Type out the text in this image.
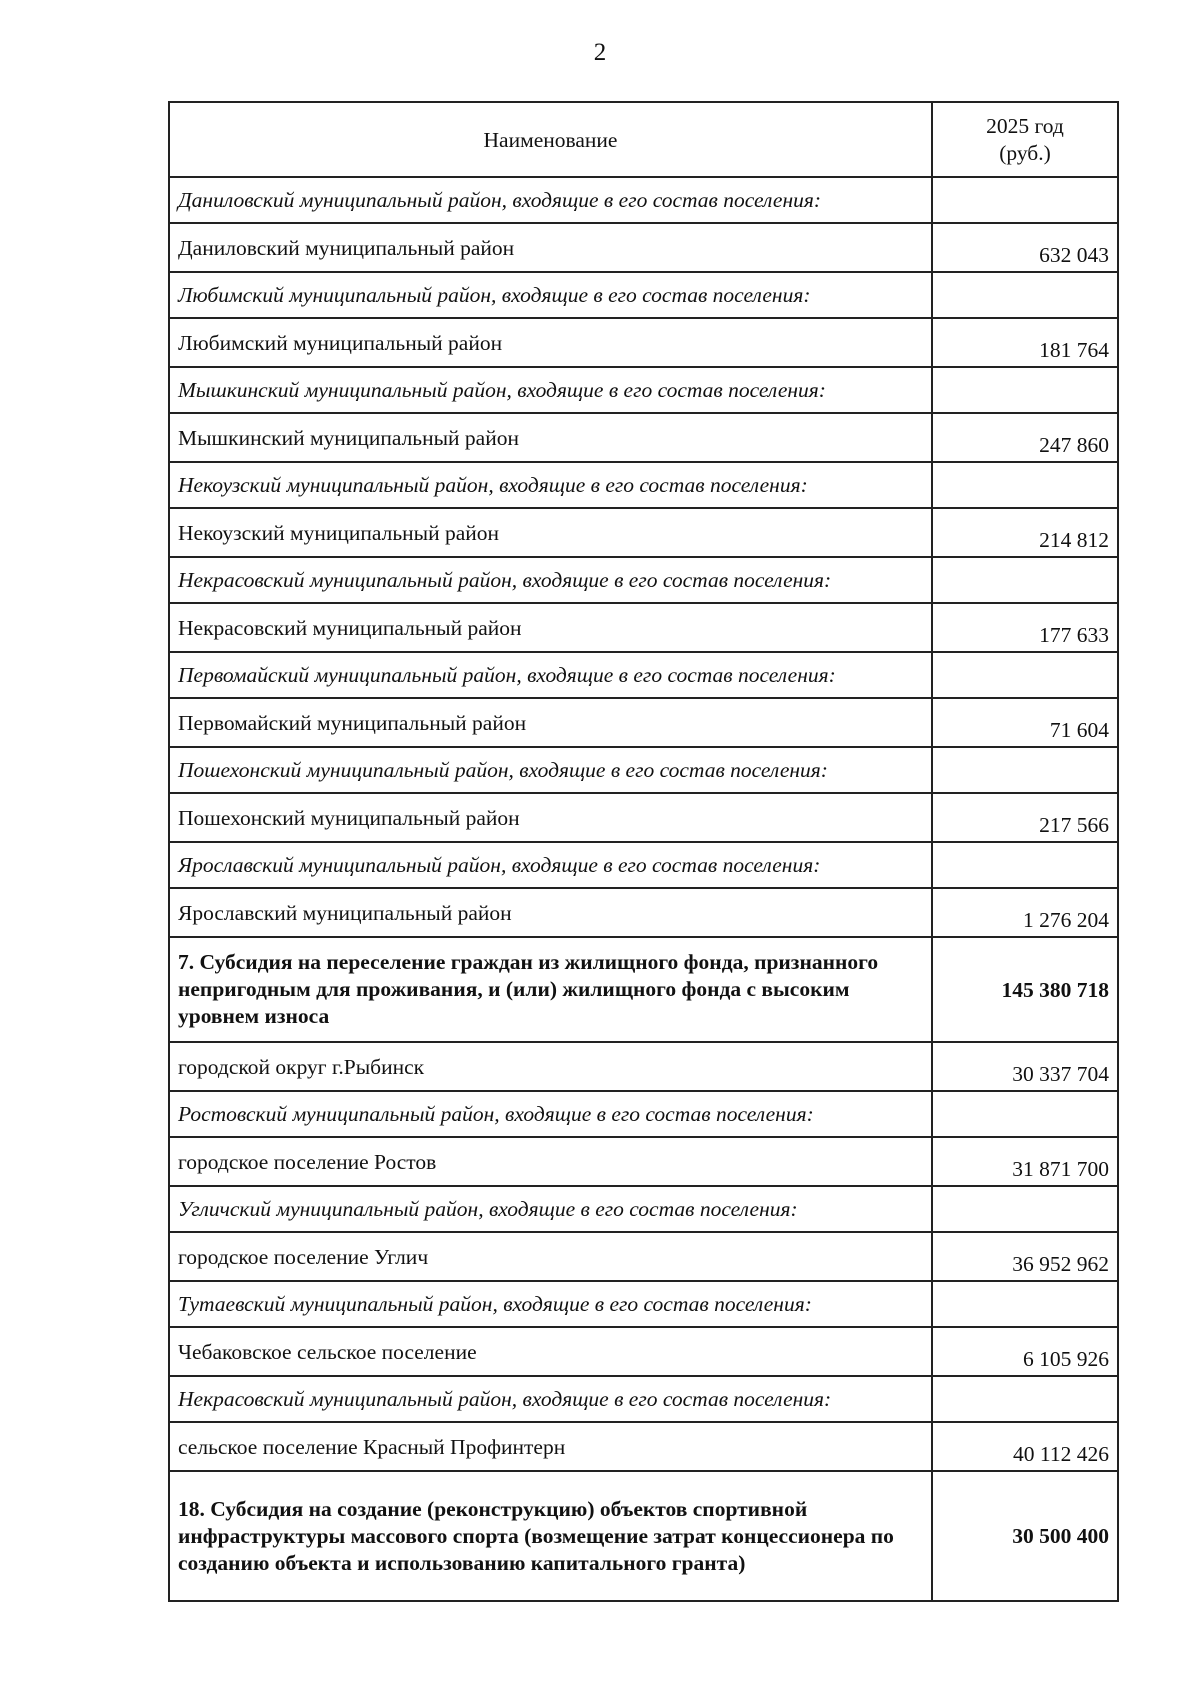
2
Наименование	2025 год
(руб.)

Даниловский муниципальный район, входящие в его состав поселения:	
Даниловский муниципальный район	632 043
Любимский муниципальный район, входящие в его состав поселения:	
Любимский муниципальный район	181 764
Мышкинский муниципальный район, входящие в его состав поселения:	
Мышкинский муниципальный район	247 860
Некоузский муниципальный район, входящие в его состав поселения:	
Некоузский муниципальный район	214 812
Некрасовский муниципальный район, входящие в его состав поселения:	
Некрасовский муниципальный район	177 633
Первомайский муниципальный район, входящие в его состав поселения:	
Первомайский муниципальный район	71 604
Пошехонский муниципальный район, входящие в его состав поселения:	
Пошехонский муниципальный район	217 566
Ярославский муниципальный район, входящие в его состав поселения:	
Ярославский муниципальный район	1 276 204
7. Субсидия на переселение граждан из жилищного фонда, признанного непригодным для проживания, и (или) жилищного фонда с высоким уровнем износа	145 380 718
городской округ г.Рыбинск	30 337 704
Ростовский муниципальный район, входящие в его состав поселения:	
городское поселение Ростов	31 871 700
Угличский муниципальный район, входящие в его состав поселения:	
городское поселение Углич	36 952 962
Тутаевский муниципальный район, входящие в его состав поселения:	
Чебаковское сельское поселение	6 105 926
Некрасовский муниципальный район, входящие в его состав поселения:	
сельское поселение Красный Профинтерн	40 112 426
18. Субсидия на создание (реконструкцию) объектов спортивной инфраструктуры массового спорта (возмещение затрат концессионера по созданию объекта и использованию капитального гранта)	30 500 400
